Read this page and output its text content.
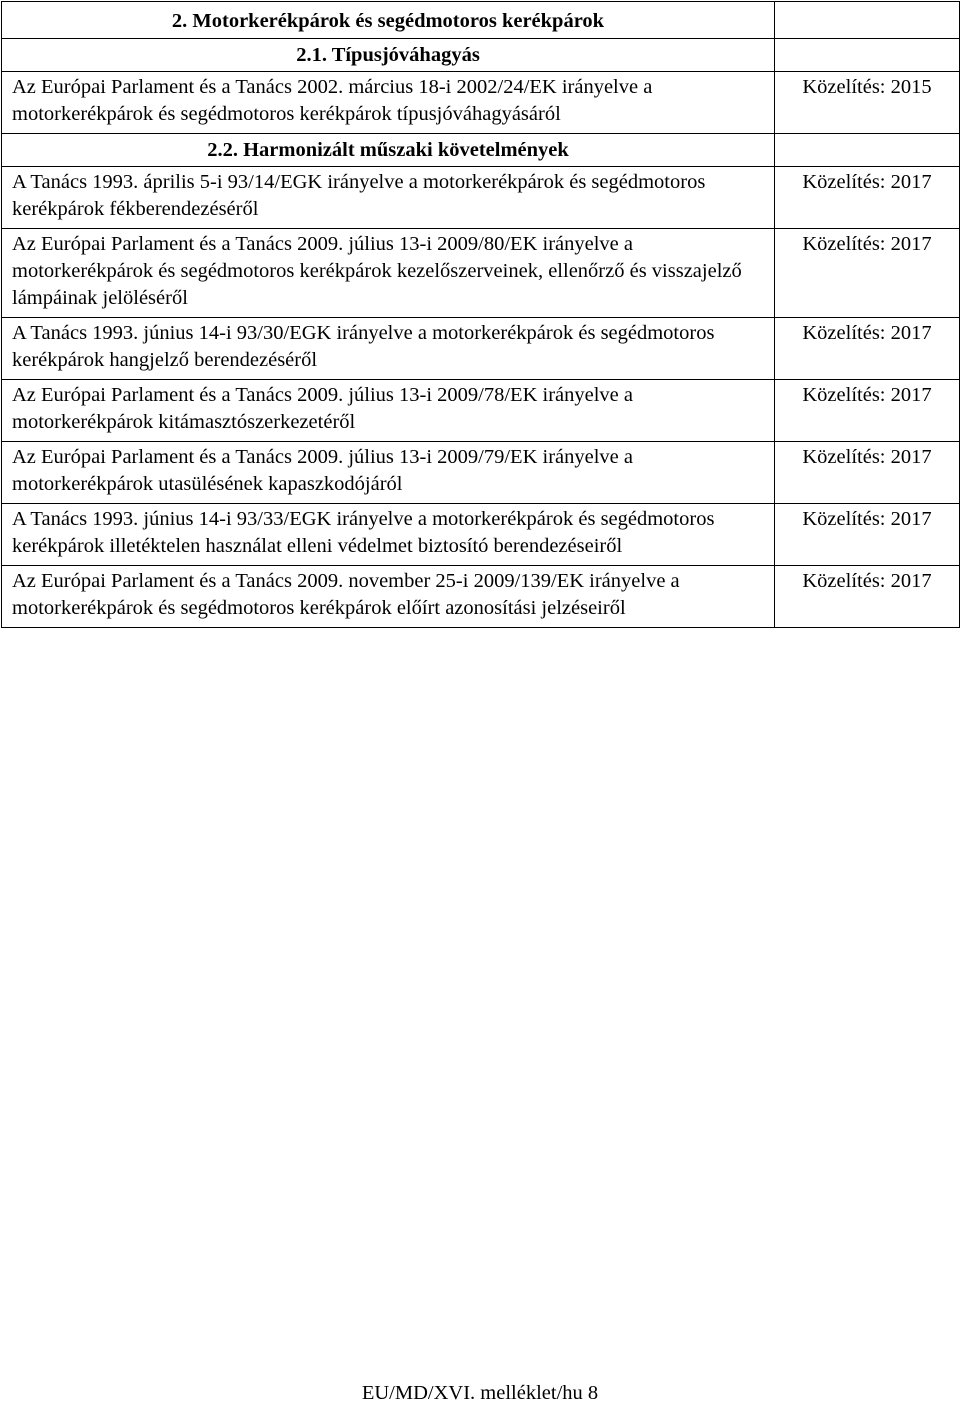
2. Motorkerékpárok és segédmotoros kerékpárok	
2.1. Típusjóváhagyás	
Az Európai Parlament és a Tanács 2002. március 18-i 2002/24/EK irányelve a motorkerékpárok és segédmotoros kerékpárok típusjóváhagyásáról	Közelítés: 2015
2.2. Harmonizált műszaki követelmények	
A Tanács 1993. április 5-i 93/14/EGK irányelve a motorkerékpárok és segédmotoros kerékpárok fékberendezéséről	Közelítés: 2017
Az Európai Parlament és a Tanács 2009. július 13-i 2009/80/EK irányelve a motorkerékpárok és segédmotoros kerékpárok kezelőszerveinek, ellenőrző és visszajelző lámpáinak jelöléséről	Közelítés: 2017
A Tanács 1993. június 14-i 93/30/EGK irányelve a motorkerékpárok és segédmotoros kerékpárok hangjelző berendezéséről	Közelítés: 2017
Az Európai Parlament és a Tanács 2009. július 13-i 2009/78/EK irányelve a motorkerékpárok kitámasztószerkezetéről	Közelítés: 2017
Az Európai Parlament és a Tanács 2009. július 13-i 2009/79/EK irányelve a motorkerékpárok utasülésének kapaszkodójáról	Közelítés: 2017
A Tanács 1993. június 14-i 93/33/EGK irányelve a motorkerékpárok és segédmotoros kerékpárok illetéktelen használat elleni védelmet biztosító berendezéseiről	Közelítés: 2017
Az Európai Parlament és a Tanács 2009. november 25-i 2009/139/EK irányelve a motorkerékpárok és segédmotoros kerékpárok előírt azonosítási jelzéseiről	Közelítés: 2017
EU/MD/XVI. melléklet/hu 8
